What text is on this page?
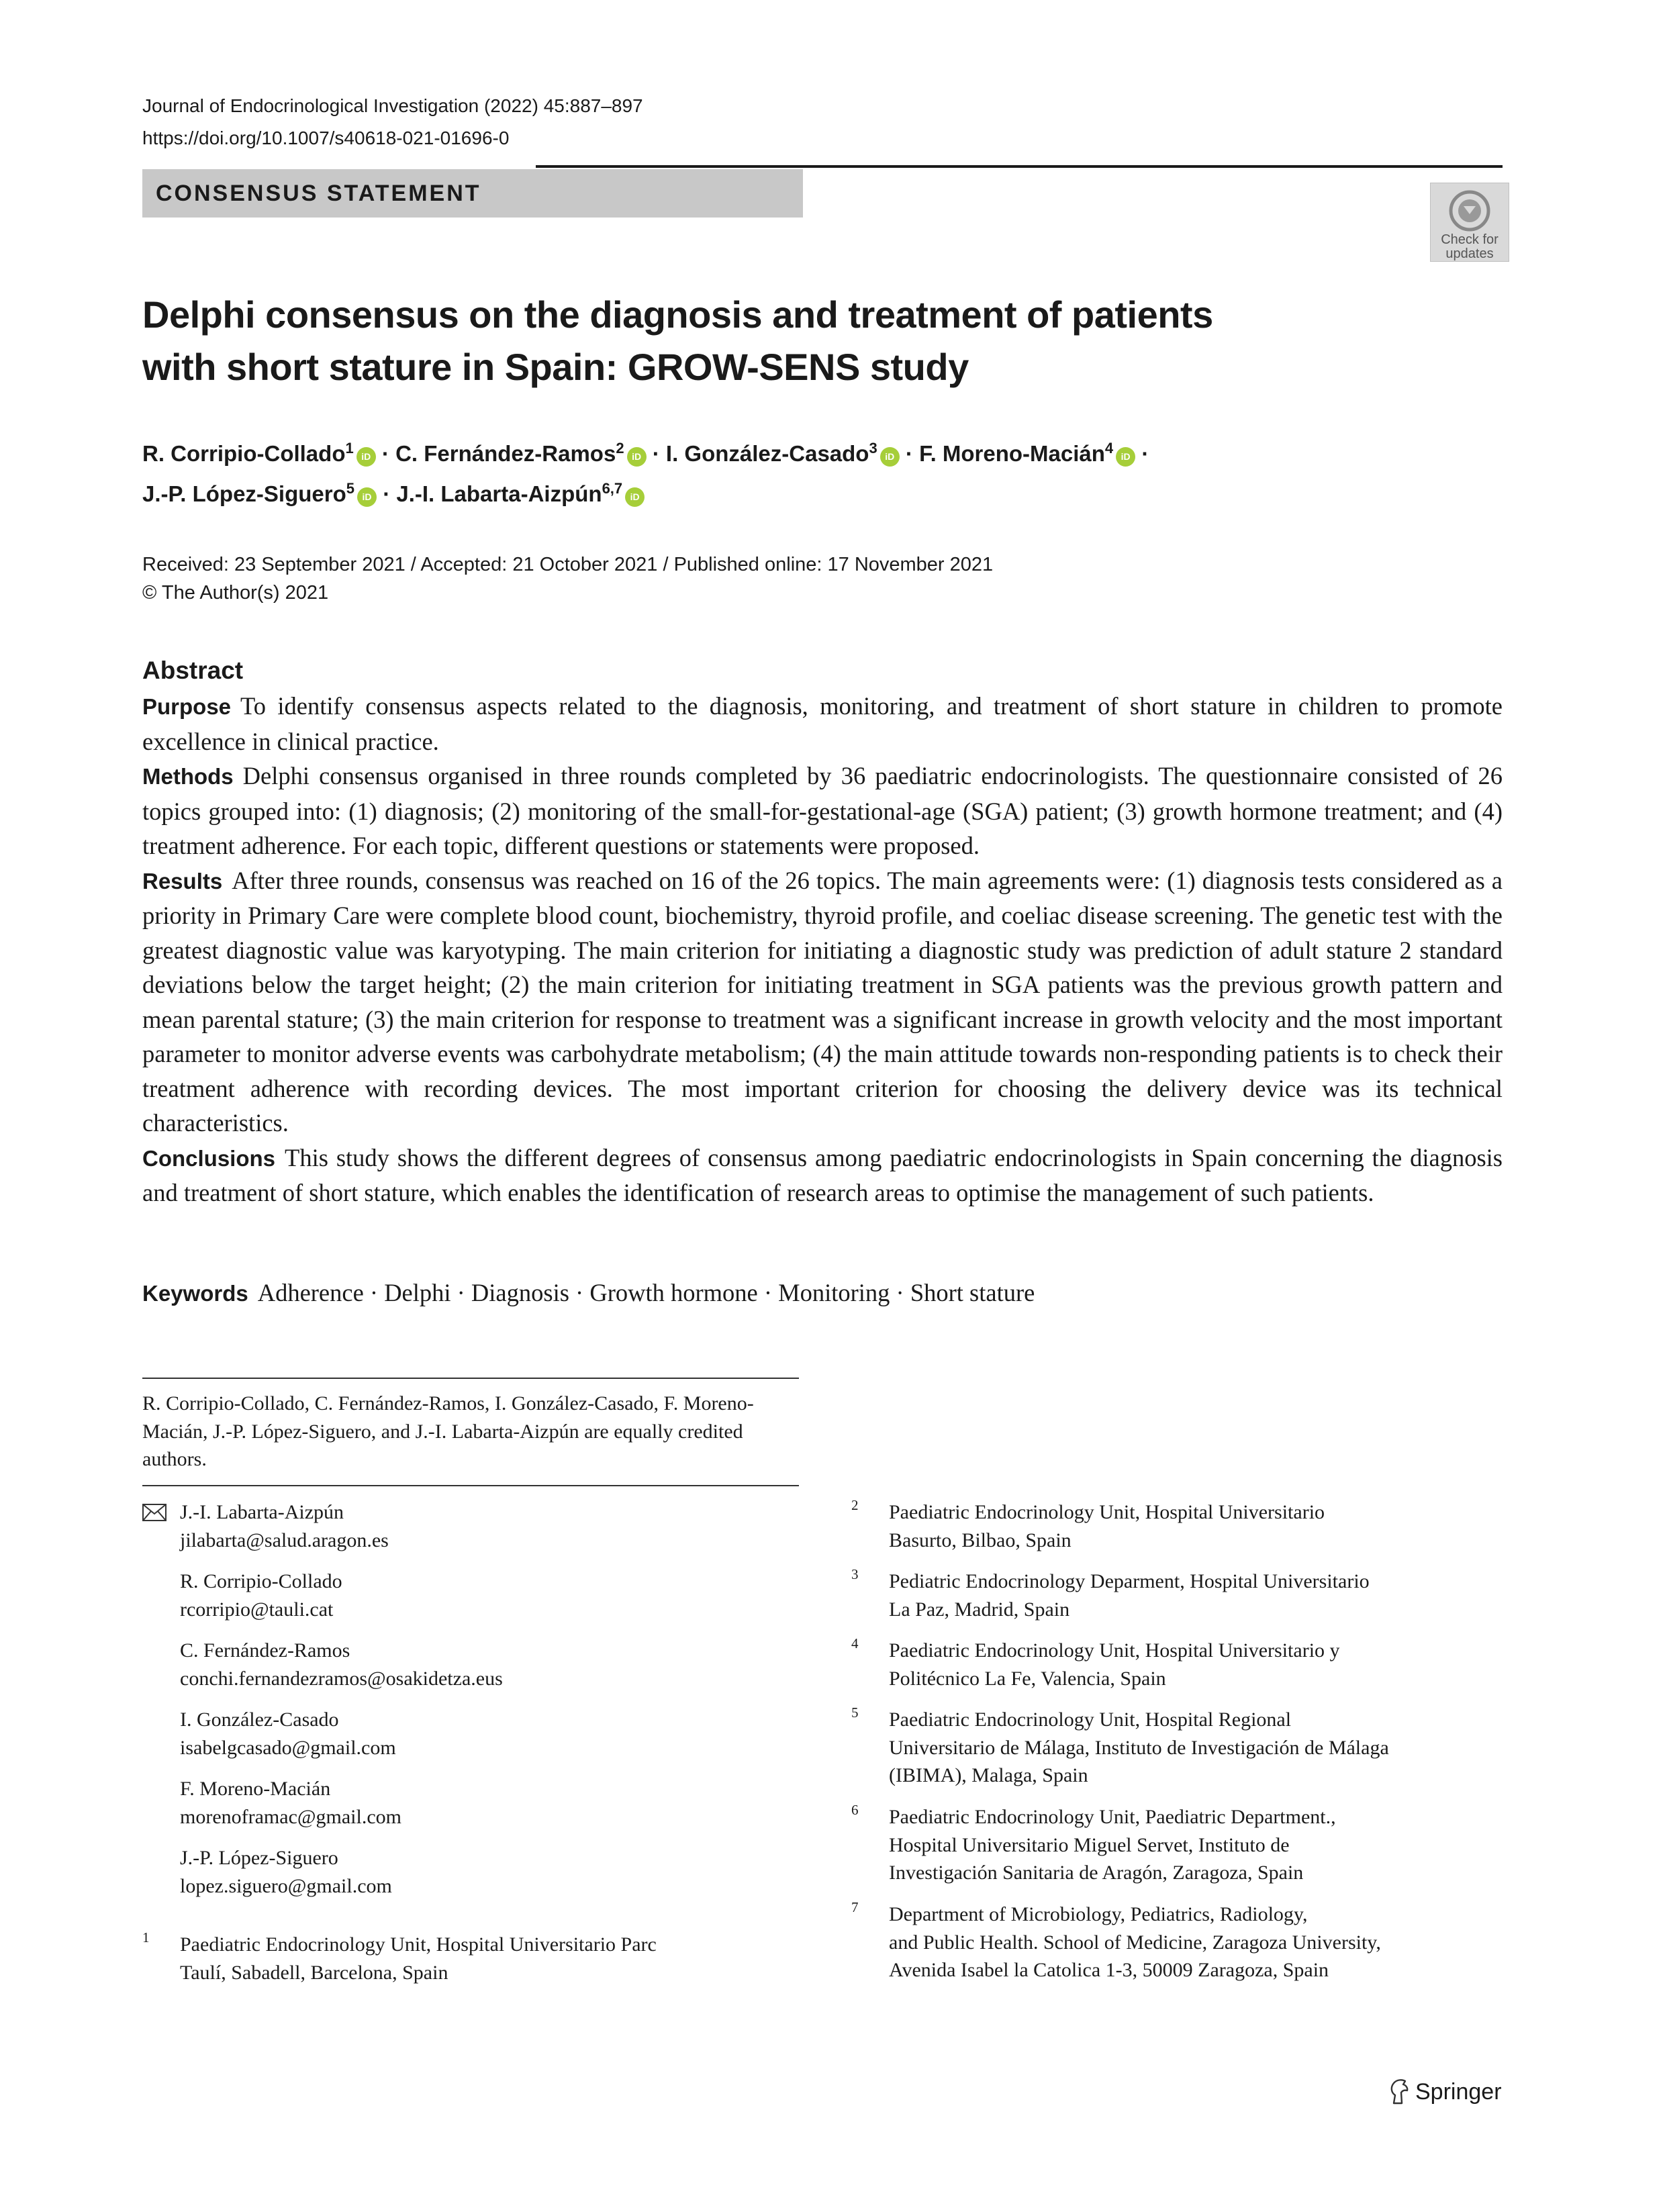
Journal of Endocrinological Investigation (2022) 45:887–897
https://doi.org/10.1007/s40618-021-01696-0
CONSENSUS STATEMENT
Check for
updates
Delphi consensus on the diagnosis and treatment of patients
with short stature in Spain: GROW-SENS study
R. Corripio-Collado$^1$ iD · C. Fernández-Ramos$^2$ iD · I. González-Casado$^3$ iD · F. Moreno-Macián$^4$ iD ·
J.-P. López-Siguero$^5$ iD · J.-I. Labarta-Aizpún$^{6,7}$ iD
Received: 23 September 2021 / Accepted: 21 October 2021 / Published online: 17 November 2021
© The Author(s) 2021
Abstract

Purpose To identify consensus aspects related to the diagnosis, monitoring, and treatment of short stature in children to promote excellence in clinical practice.

Methods Delphi consensus organised in three rounds completed by 36 paediatric endocrinologists. The questionnaire consisted of 26 topics grouped into: (1) diagnosis; (2) monitoring of the small-for-gestational-age (SGA) patient; (3) growth hormone treatment; and (4) treatment adherence. For each topic, different questions or statements were proposed.

Results After three rounds, consensus was reached on 16 of the 26 topics. The main agreements were: (1) diagnosis tests considered as a priority in Primary Care were complete blood count, biochemistry, thyroid profile, and coeliac disease screening. The genetic test with the greatest diagnostic value was karyotyping. The main criterion for initiating a diagnostic study was prediction of adult stature 2 standard deviations below the target height; (2) the main criterion for initiating treatment in SGA patients was the previous growth pattern and mean parental stature; (3) the main criterion for response to treatment was a significant increase in growth velocity and the most important parameter to monitor adverse events was carbohydrate metabolism; (4) the main attitude towards non-responding patients is to check their treatment adherence with recording devices. The most important criterion for choosing the delivery device was its technical characteristics.

Conclusions This study shows the different degrees of consensus among paediatric endocrinologists in Spain concerning the diagnosis and treatment of short stature, which enables the identification of research areas to optimise the management of such patients.

Keywords Adherence · Delphi · Diagnosis · Growth hormone · Monitoring · Short stature
R. Corripio-Collado, C. Fernández-Ramos, I. González-Casado, F. Moreno-Macián, J.-P. López-Siguero, and J.-I. Labarta-Aizpún are equally credited authors.
J.-I. Labarta-Aizpún
jilabarta@salud.aragon.es
R. Corripio-Collado
rcorripio@tauli.cat
C. Fernández-Ramos
conchi.fernandezramos@osakidetza.eus
I. González-Casado
isabelgcasado@gmail.com
F. Moreno-Macián
morenoframac@gmail.com
J.-P. López-Siguero
lopez.siguero@gmail.com
1 Paediatric Endocrinology Unit, Hospital Universitario Parc
Taulí, Sabadell, Barcelona, Spain
2 Paediatric Endocrinology Unit, Hospital Universitario
Basurto, Bilbao, Spain
3 Pediatric Endocrinology Deparment, Hospital Universitario
La Paz, Madrid, Spain
4 Paediatric Endocrinology Unit, Hospital Universitario y
Politécnico La Fe, Valencia, Spain
5 Paediatric Endocrinology Unit, Hospital Regional
Universitario de Málaga, Instituto de Investigación de Málaga
(IBIMA), Malaga, Spain
6 Paediatric Endocrinology Unit, Paediatric Department.,
Hospital Universitario Miguel Servet, Instituto de
Investigación Sanitaria de Aragón, Zaragoza, Spain
7 Department of Microbiology, Pediatrics, Radiology,
and Public Health. School of Medicine, Zaragoza University,
Avenida Isabel la Catolica 1-3, 50009 Zaragoza, Spain
Springer
